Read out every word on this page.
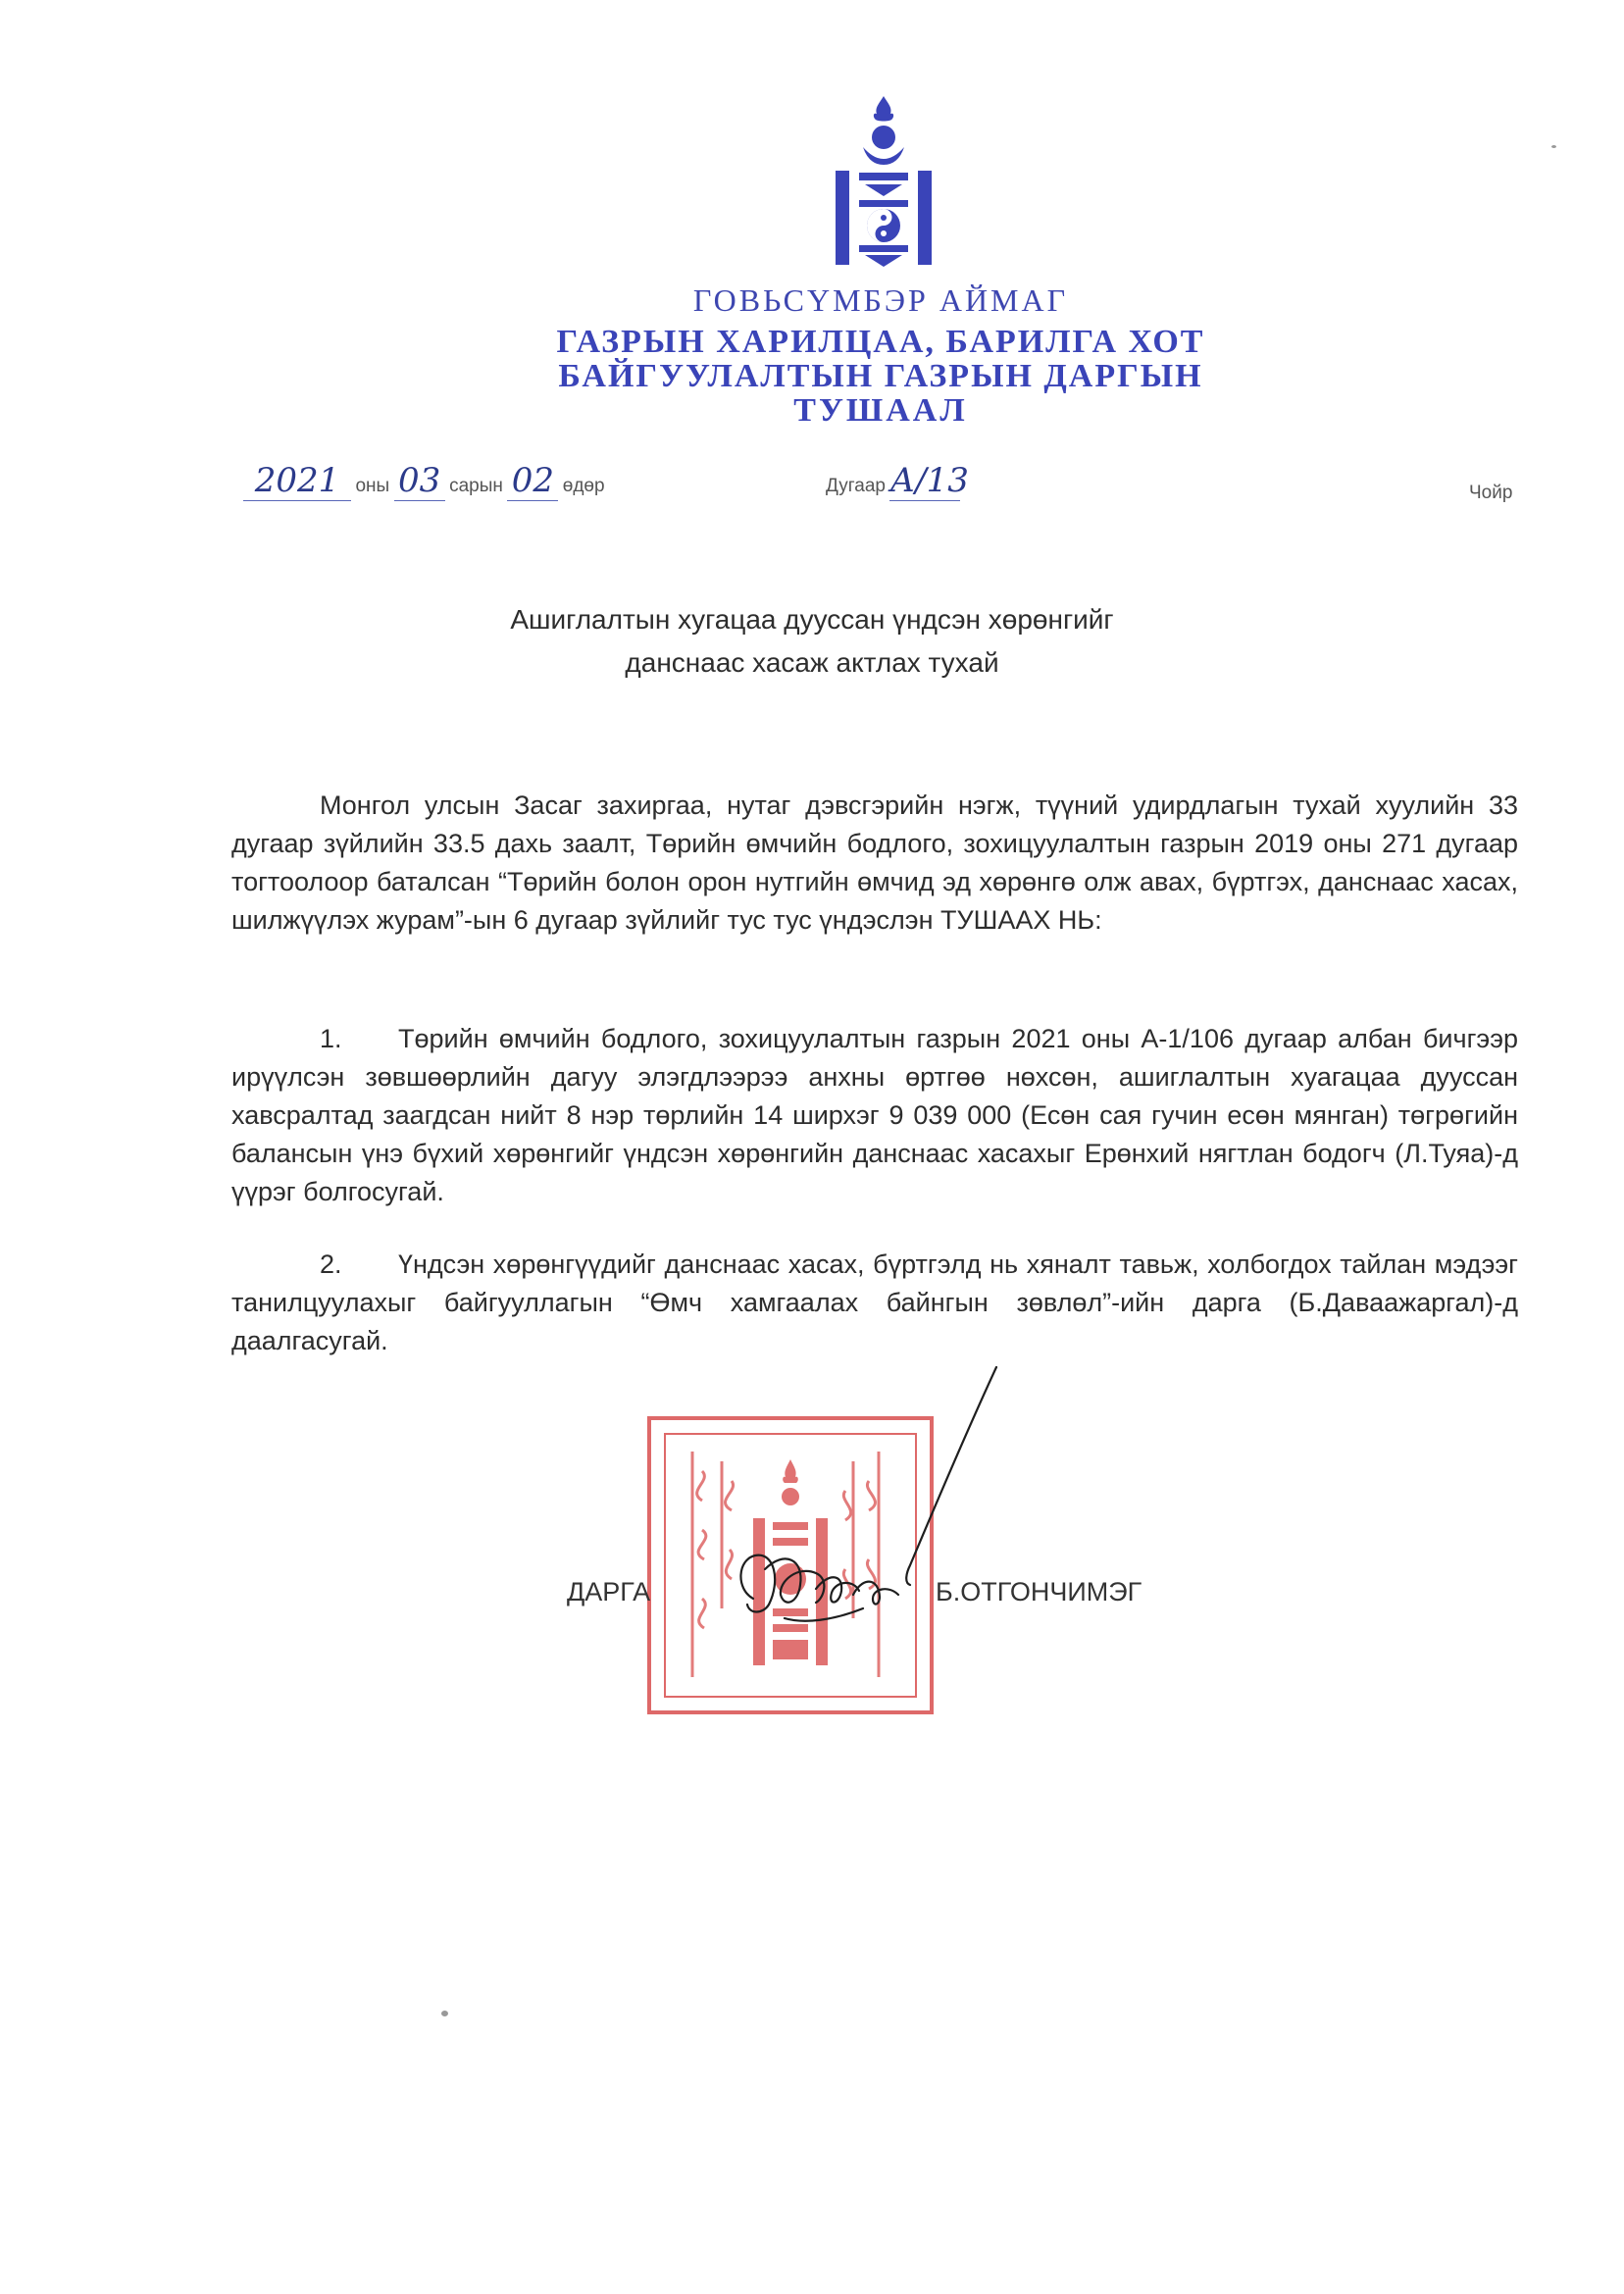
ГОВЬСҮМБЭР АЙМАГ
ГАЗРЫН ХАРИЛЦАА, БАРИЛГА ХОТ
БАЙГУУЛАЛТЫН ГАЗРЫН ДАРГЫН
ТУШААЛ
2021 оны 03 сарын 02 өдөр	Дугаар А/13	Чойр
Ашиглалтын хугацаа дууссан үндсэн хөрөнгийг
данснаас хасаж актлах тухай
Монгол улсын Засаг захиргаа, нутаг дэвсгэрийн нэгж, түүний удирдлагын тухай хуулийн 33 дугаар зүйлийн 33.5 дахь заалт, Төрийн өмчийн бодлого, зохицуулалтын газрын 2019 оны 271 дугаар тогтоолоор баталсан “Төрийн болон орон нутгийн өмчид эд хөрөнгө олж авах, бүртгэх, данснаас хасах, шилжүүлэх журам”-ын 6 дугаар зүйлийг тус тус үндэслэн ТУШААХ НЬ:
1. Төрийн өмчийн бодлого, зохицуулалтын газрын 2021 оны А-1/106 дугаар албан бичгээр ирүүлсэн зөвшөөрлийн дагуу элэгдлээрээ анхны өртгөө нөхсөн, ашиглалтын хуагацаа дууссан хавсралтад заагдсан нийт 8 нэр төрлийн 14 ширхэг 9 039 000 (Есөн сая гучин есөн мянган) төгрөгийн балансын үнэ бүхий хөрөнгийг үндсэн хөрөнгийн данснаас хасахыг Ерөнхий нягтлан бодогч (Л.Туяа)-д үүрэг болгосугай.
2. Үндсэн хөрөнгүүдийг данснаас хасах, бүртгэлд нь хяналт тавьж, холбогдох тайлан мэдээг танилцуулахыг байгууллагын “Өмч хамгаалах байнгын зөвлөл”-ийн дарга (Б.Даваажаргал)-д даалгасугай.
ДАРГА	Б.ОТГОНЧИМЭГ
